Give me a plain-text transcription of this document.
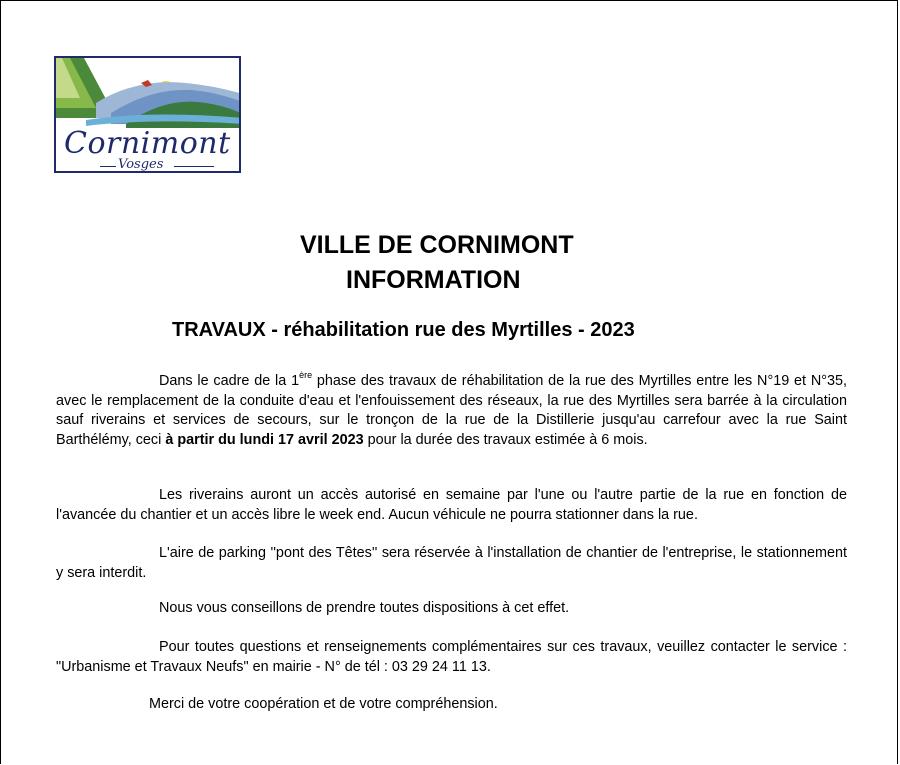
Cornimont
Vosges
VILLE DE CORNIMONT
INFORMATION
TRAVAUX - réhabilitation rue des Myrtilles - 2023

Dans le cadre de la 1ère phase des travaux de réhabilitation de la rue des Myrtilles entre les N°19 et N°35, avec le remplacement de la conduite d'eau et l'enfouissement des réseaux, la rue des Myrtilles sera barrée à la circulation sauf riverains et services de secours, sur le tronçon de la rue de la Distillerie jusqu'au carrefour avec la rue Saint Barthélémy, ceci à partir du lundi 17 avril 2023 pour la durée des travaux estimée à 6 mois.

Les riverains auront un accès autorisé en semaine par l'une ou l'autre partie de la rue en fonction de l'avancée du chantier et un accès libre le week end. Aucun véhicule ne pourra stationner dans la rue.

L'aire de parking ''pont des Têtes'' sera réservée à l'installation de chantier de l'entreprise, le stationnement y sera interdit.

Nous vous conseillons de prendre toutes dispositions à cet effet.

Pour toutes questions et renseignements complémentaires sur ces travaux, veuillez contacter le service : "Urbanisme et Travaux Neufs" en mairie - N° de tél : 03 29 24 11 13.

Merci de votre coopération et de votre compréhension.
